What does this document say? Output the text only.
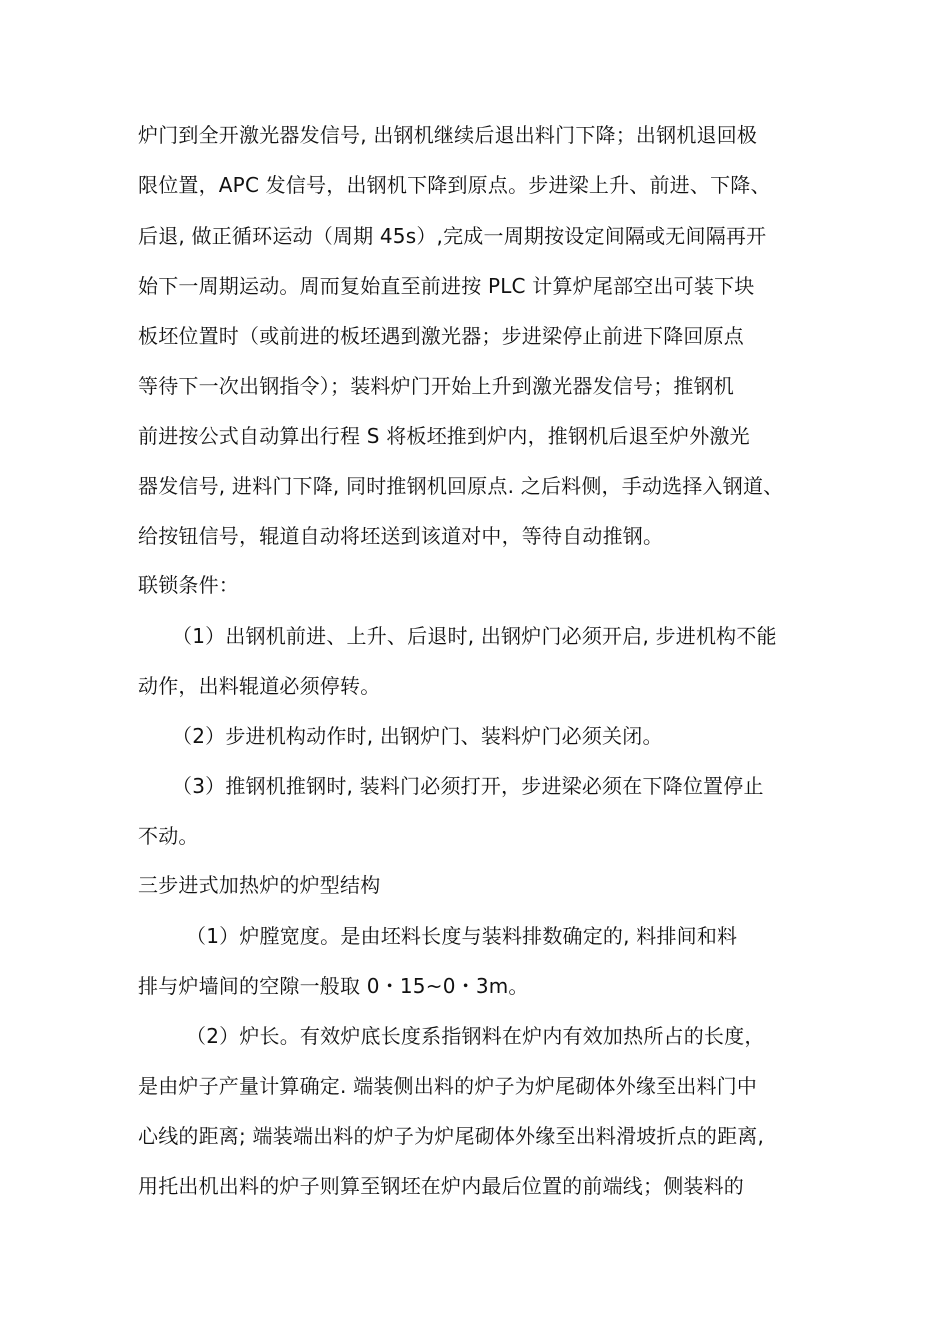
炉门到全开激光器发信号, 出钢机继续后退出料门下降；出钢机退回极
限位置，APC 发信号，出钢机下降到原点。步进梁上升、前进、下降、
后退, 做正循环运动（周期 45s）,完成一周期按设定间隔或无间隔再开
始下一周期运动。周而复始直至前进按 PLC 计算炉尾部空出可装下块
板坯位置时（或前进的板坯遇到激光器；步进梁停止前进下降回原点
等待下一次出钢指令）；装料炉门开始上升到激光器发信号；推钢机
前进按公式自动算出行程 S 将板坯推到炉内，推钢机后退至炉外激光
器发信号, 进料门下降, 同时推钢机回原点. 之后料侧，手动选择入钢道、
给按钮信号，辊道自动将坯送到该道对中，等待自动推钢。
联锁条件：
（1）出钢机前进、上升、后退时, 出钢炉门必须开启, 步进机构不能
动作，出料辊道必须停转。
（2）步进机构动作时, 出钢炉门、装料炉门必须关闭。
（3）推钢机推钢时, 装料门必须打开，步进梁必须在下降位置停止
不动。
三步进式加热炉的炉型结构
（1）炉膛宽度。是由坯料长度与装料排数确定的, 料排间和料
排与炉墙间的空隙一般取 0・15~0・3m。
（2）炉长。有效炉底长度系指钢料在炉内有效加热所占的长度，
是由炉子产量计算确定. 端装侧出料的炉子为炉尾砌体外缘至出料门中
心线的距离; 端装端出料的炉子为炉尾砌体外缘至出料滑坡折点的距离,
用托出机出料的炉子则算至钢坯在炉内最后位置的前端线；侧装料的
